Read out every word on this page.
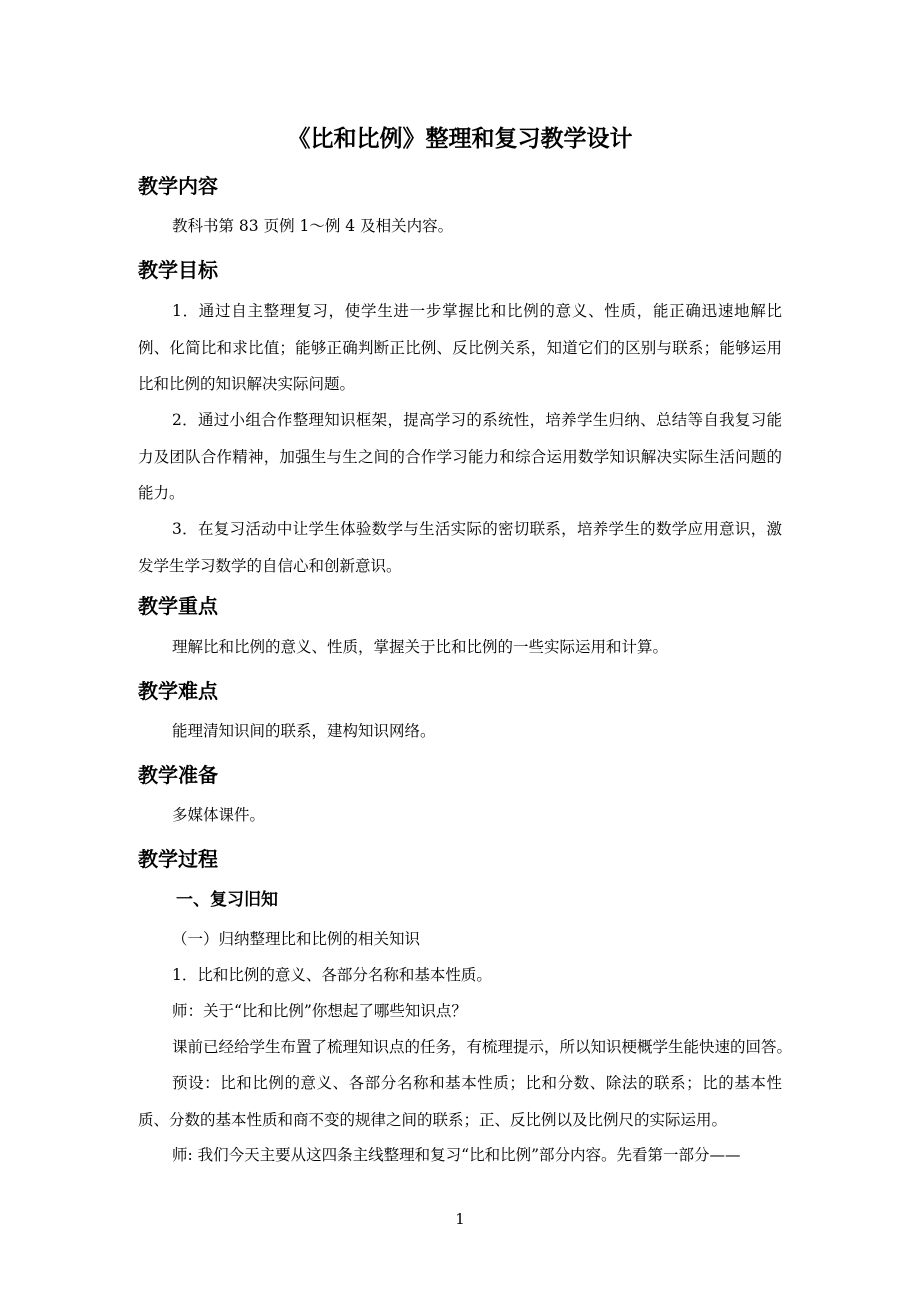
《比和比例》整理和复习教学设计
教学内容

教科书第 83 页例 1～例 4 及相关内容。

教学目标

1．通过自主整理复习，使学生进一步掌握比和比例的意义、性质，能正确迅速地解比例、化简比和求比值；能够正确判断正比例、反比例关系，知道它们的区别与联系；能够运用比和比例的知识解决实际问题。

2．通过小组合作整理知识框架，提高学习的系统性，培养学生归纳、总结等自我复习能力及团队合作精神，加强生与生之间的合作学习能力和综合运用数学知识解决实际生活问题的能力。

3．在复习活动中让学生体验数学与生活实际的密切联系，培养学生的数学应用意识，激发学生学习数学的自信心和创新意识。

教学重点

理解比和比例的意义、性质，掌握关于比和比例的一些实际运用和计算。

教学难点

能理清知识间的联系，建构知识网络。

教学准备

多媒体课件。

教学过程
一、复习旧知

（一）归纳整理比和比例的相关知识

1．比和比例的意义、各部分名称和基本性质。

师：关于“比和比例”你想起了哪些知识点？

课前已经给学生布置了梳理知识点的任务，有梳理提示，所以知识梗概学生能快速的回答。

预设：比和比例的意义、各部分名称和基本性质；比和分数、除法的联系；比的基本性质、分数的基本性质和商不变的规律之间的联系；正、反比例以及比例尺的实际运用。

师: 我们今天主要从这四条主线整理和复习“比和比例”部分内容。先看第一部分——

1
